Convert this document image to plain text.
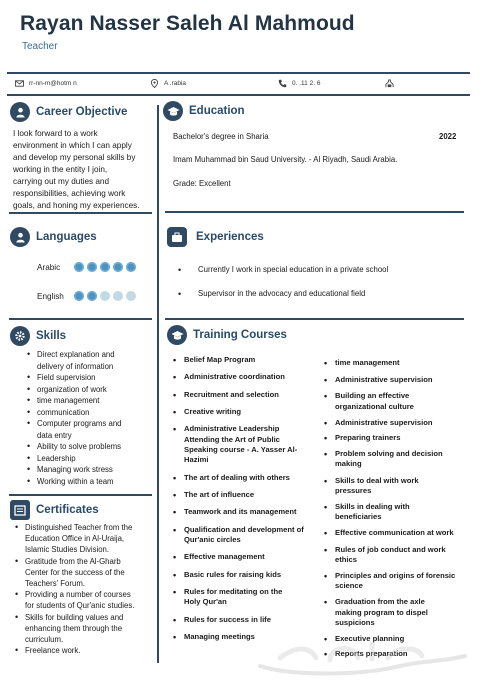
Rayan Nasser Saleh Al Mahmoud
Teacher
rr-nn-m@hotm n	A .rabia	0. .11 2. 6
Career Objective
I look forward to a work
environment in which I can apply
and develop my personal skills by
working in the entity I join,
carrying out my duties and
responsibilities, achieving work
goals, and honing my experiences.
Languages
Arabic
English
Skills
• Direct explanation and
delivery of information
• Field supervision
• organization of work
• time management
• communication
• Computer programs and
data entry
• Ability to solve problems
• Leadership
• Managing work stress
• Working within a team
Certificates
• Distinguished Teacher from the
Education Office in Al-Uraija,
Islamic Studies Division.
• Gratitude from the Al-Gharb
Center for the success of the
Teachers' Forum.
• Providing a number of courses
for students of Qur'anic studies.
• Skills for building values and
enhancing them through the
curriculum.
• Freelance work.
Education
Bachelor's degree in Sharia	2022
Imam Muhammad bin Saud University. - Al Riyadh, Saudi Arabia.
Grade: Excellent
Experiences
• Currently I work in special education in a private school
• Supervisor in the advocacy and educational field
Training Courses
• Belief Map Program
• Administrative coordination
• Recruitment and selection
• Creative writing
• Administrative Leadership Attending the Art of Public Speaking course - A. Yasser Al-Hazimi
• The art of dealing with others
• The art of influence
• Teamwork and its management
• Qualification and development of Qur'anic circles
• Effective management
• Basic rules for raising kids
• Rules for meditating on the Holy Qur'an
• Rules for success in life
• Managing meetings
• time management
• Administrative supervision
• Building an effective organizational culture
• Administrative supervision
• Preparing trainers
• Problem solving and decision making
• Skills to deal with work pressures
• Skills in dealing with beneficiaries
• Effective communication at work
• Rules of job conduct and work ethics
• Principles and origins of forensic science
• Graduation from the axle making program to dispel suspicions
• Executive planning
• Reports preparation
